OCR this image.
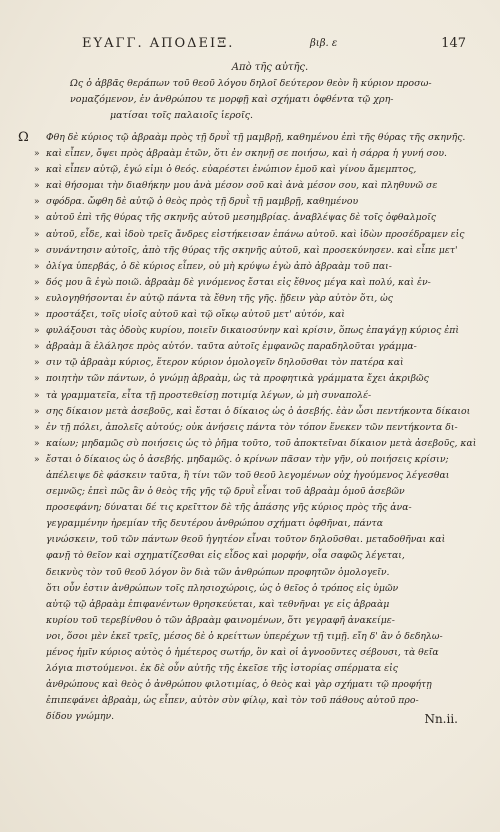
ΕΥΑΓΓ. ΑΠΟΔΕΙΞ.	βιβ. ε	147
Απὸ τῆς αὐτῆς.
Ως ὁ ἀββᾶς θεράπων τοῦ θεοῦ λόγου δηλοῖ δεύτερον θεὸν ἢ κύριον προσω-
νομαζόμενον, ἐν ἀνθρώπου τε μορφῇ καὶ σχήματι ὀφθέντα τῷ χρη-
ματίσαι τοῖς παλαιοῖς ἱεροῖς.
Ω	Φθη δὲ κύριος τῷ ἀβραὰμ πρὸς τῇ δρυῒ τῇ μαμβρῇ, καθημένου ἐπὶ τῆς θύρας τῆς σκηνῆς.
» καὶ εἶπεν, ὄψει πρὸς ἀβραὰμ ἐτῶν, ὅτι ἐν σκηνῇ σε ποιήσω, καὶ ἡ σάρρα ἡ γυνή σου.
» καὶ εἶπεν αὐτῷ, ἐγώ εἰμι ὁ θεός. εὐαρέστει ἐνώπιον ἐμοῦ καὶ γίνου ἄμεμπτος,
» καὶ θήσομαι τὴν διαθήκην μου ἀνὰ μέσον σοῦ καὶ ἀνὰ μέσον σου, καὶ πληθυνῶ σε
» σφόδρα. ὤφθη δὲ αὐτῷ ὁ θεὸς πρὸς τῇ δρυῒ τῇ μαμβρῇ, καθημένου
» αὐτοῦ ἐπὶ τῆς θύρας τῆς σκηνῆς αὐτοῦ μεσημβρίας. ἀναβλέψας δὲ τοῖς ὀφθαλμοῖς
» αὐτοῦ, εἶδε, καὶ ἰδοὺ τρεῖς ἄνδρες εἱστήκεισαν ἐπάνω αὐτοῦ. καὶ ἰδὼν προσέδραμεν εἰς
» συνάντησιν αὐτοῖς, ἀπὸ τῆς θύρας τῆς σκηνῆς αὐτοῦ, καὶ προσεκύνησεν. καὶ εἶπε μετ'
» ὀλίγα ὑπερβάς, ὁ δὲ κύριος εἶπεν, οὐ μὴ κρύψω ἐγὼ ἀπὸ ἀβραὰμ τοῦ παι-
» δός μου ἃ ἐγὼ ποιῶ. ἀβραὰμ δὲ γινόμενος ἔσται εἰς ἔθνος μέγα καὶ πολύ, καὶ ἐν-
» ευλογηθήσονται ἐν αὐτῷ πάντα τὰ ἔθνη τῆς γῆς. ᾔδειν γὰρ αὐτὸν ὅτι, ὡς
» προστάξει, τοῖς υἱοῖς αὐτοῦ καὶ τῷ οἴκῳ αὐτοῦ μετ' αὐτόν, καὶ
» φυλάξουσι τὰς ὁδοὺς κυρίου, ποιεῖν δικαιοσύνην καὶ κρίσιν, ὅπως ἐπαγάγῃ κύριος ἐπὶ
» ἀβραὰμ ἃ ἐλάλησε πρὸς αὐτόν. ταῦτα αὐτοῖς ἐμφανῶς παραδηλοῦται γράμμα-
» σιν τῷ ἀβραὰμ κύριος, ἕτερον κύριον ὁμολογεῖν δηλοῦσθαι τὸν πατέρα καὶ
» ποιητὴν τῶν πάντων, ὁ γνώμῃ ἀβραὰμ, ὡς τὰ προφητικὰ γράμματα ἔχει ἀκριβῶς
» τὰ γραμματεῖα, εἶτα τῇ προστεθείσῃ ποτιμίᾳ λέγων, ὡ μὴ συναπολέ-
» σης δίκαιον μετὰ ἀσεβοῦς, καὶ ἔσται ὁ δίκαιος ὡς ὁ ἀσεβής. ἐὰν ὦσι πεντήκοντα δίκαιοι
» ἐν τῇ πόλει, ἀπολεῖς αὐτούς; οὐκ ἀνήσεις πάντα τὸν τόπον ἕνεκεν τῶν πεντήκοντα δι-
» καίων; μηδαμῶς σὺ ποιήσεις ὡς τὸ ῥῆμα τοῦτο, τοῦ ἀποκτεῖναι δίκαιον μετὰ ἀσεβοῦς, καὶ
» ἔσται ὁ δίκαιος ὡς ὁ ἀσεβής. μηδαμῶς. ὁ κρίνων πᾶσαν τὴν γῆν, οὐ ποιήσεις κρίσιν;
ἀπέλειψε δὲ φάσκειν ταῦτα, ἢ τίνι τῶν τοῦ θεοῦ λεγομένων οὐχ ἡγούμενος λέγεσθαι
σεμνῶς; ἐπεὶ πῶς ἂν ὁ θεὸς τῆς γῆς τῷ δρυῒ εἶναι τοῦ ἀβραὰμ ὁμοῦ ἀσεβῶν
προσεφάνη; δύναται δέ τις κρεῖττον δὲ τῆς ἀπάσης γῆς κύριος πρὸς τῆς ἀνα-
γεγραμμένην ἠρεμίαν τῆς δευτέρου ἀνθρώπου σχήματι ὀφθῆναι, πάντα
γινώσκειν, τοῦ τῶν πάντων θεοῦ ἡγητέον εἶναι τοῦτον δηλοῦσθαι. μεταδοθῆναι καὶ
φανῇ τὸ θεῖον καὶ σχηματίζεσθαι εἰς εἶδος καὶ μορφήν, οἷα σαφῶς λέγεται,
δεικνὺς τὸν τοῦ θεοῦ λόγον ὃν διὰ τῶν ἀνθρώπων προφητῶν ὁμολογεῖν.
ὅτι οὖν ἐστιν ἀνθρώπων τοῖς πλησιοχώροις, ὡς ὁ θεῖος ὁ τρόπος εἰς ὑμῶν
αὐτῷ τῷ ἀβραὰμ ἐπιφανέντων θρησκεύεται, καὶ τεθνῆναι γε εἰς ἀβραὰμ
κυρίου τοῦ τερεβίνθου ὁ τῶν ἀβραὰμ φαινομένων, ὅτι γεγραφῆ ἀνακείμε-
νοι, ὅσοι μὲν ἐκεῖ τρεῖς, μέσος δὲ ὁ κρείττων ὑπερέχων τῇ τιμῇ. εἴη δ' ἂν ὁ δεδηλω-
μένος ἡμῖν κύριος αὐτὸς ὁ ἡμέτερος σωτήρ, ὃν καὶ οἱ ἀγνοοῦντες σέβουσι, τὰ θεῖα
λόγια πιστούμενοι. ἐκ δὲ οὖν αὐτῆς τῆς ἐκεῖσε τῆς ἱστορίας σπέρματα εἰς
ἀνθρώπους καὶ θεὸς ὁ ἀνθρώπου φιλοτιμίας, ὁ θεὸς καὶ γὰρ σχήματι τῷ προφήτῃ
ἐπιπεφάνει ἀβραὰμ, ὡς εἶπεν, αὐτὸν σὺν φίλῳ, καὶ τὸν τοῦ πάθους αὐτοῦ προ-
δίδου γνώμην.	Nn.ii.
